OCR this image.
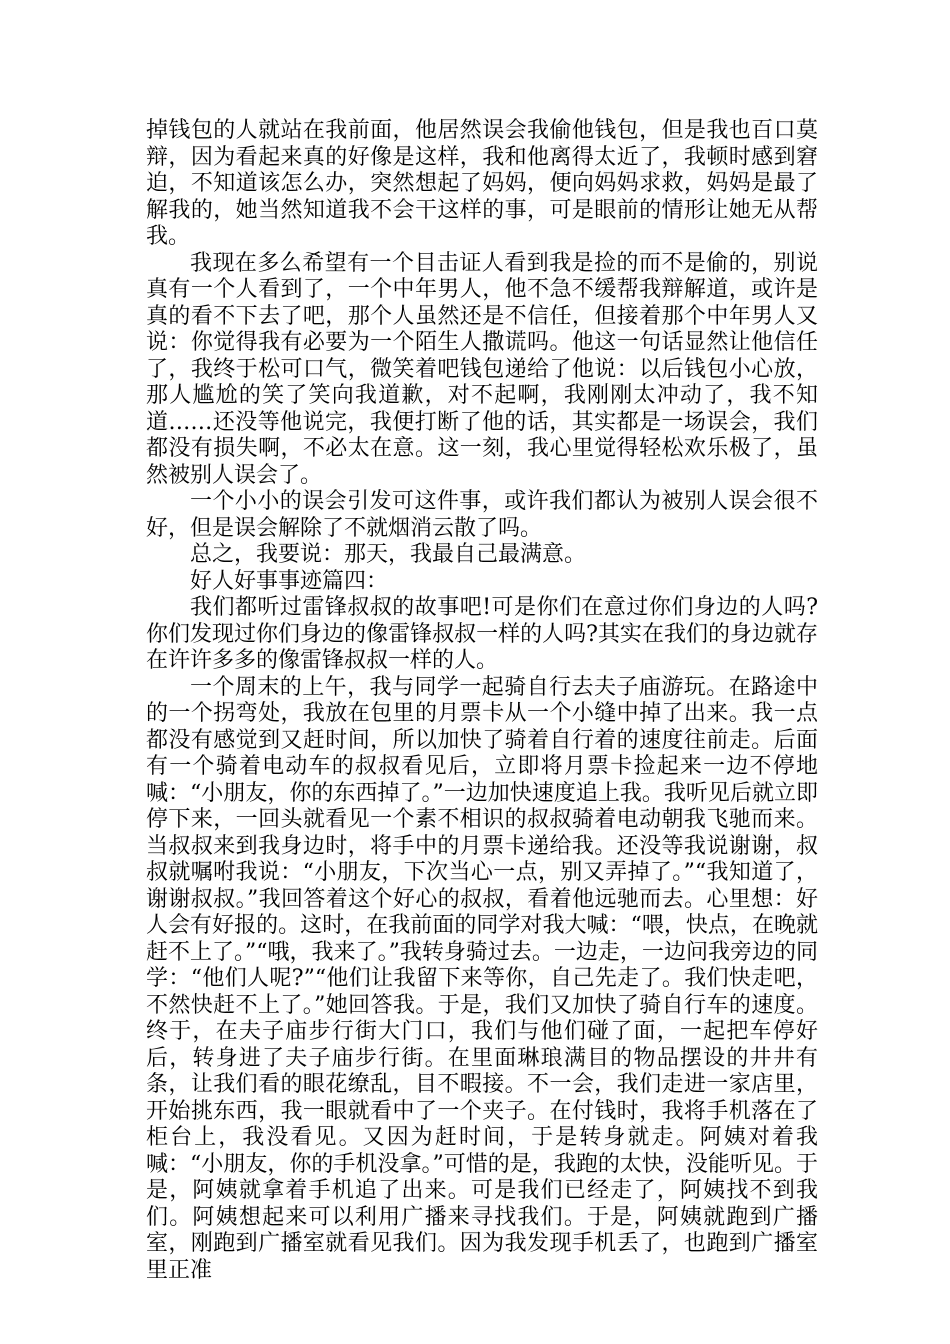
掉钱包的人就站在我前面，他居然误会我偷他钱包，但是我也百口莫辩，因为看起来真的好像是这样，我和他离得太近了，我顿时感到窘迫，不知道该怎么办，突然想起了妈妈，便向妈妈求救，妈妈是最了解我的，她当然知道我不会干这样的事，可是眼前的情形让她无从帮我。

我现在多么希望有一个目击证人看到我是捡的而不是偷的，别说真有一个人看到了，一个中年男人，他不急不缓帮我辩解道，或许是真的看不下去了吧，那个人虽然还是不信任，但接着那个中年男人又说：你觉得我有必要为一个陌生人撒谎吗。他这一句话显然让他信任了，我终于松可口气，微笑着吧钱包递给了他说：以后钱包小心放，那人尴尬的笑了笑向我道歉，对不起啊，我刚刚太冲动了，我不知道……还没等他说完，我便打断了他的话，其实都是一场误会，我们都没有损失啊，不必太在意。这一刻，我心里觉得轻松欢乐极了，虽然被别人误会了。

一个小小的误会引发可这件事，或许我们都认为被别人误会很不好，但是误会解除了不就烟消云散了吗。

总之，我要说：那天，我最自己最满意。

好人好事事迹篇四：

我们都听过雷锋叔叔的故事吧!可是你们在意过你们身边的人吗?你们发现过你们身边的像雷锋叔叔一样的人吗?其实在我们的身边就存在许许多多的像雷锋叔叔一样的人。

一个周末的上午，我与同学一起骑自行去夫子庙游玩。在路途中的一个拐弯处，我放在包里的月票卡从一个小缝中掉了出来。我一点都没有感觉到又赶时间，所以加快了骑着自行着的速度往前走。后面有一个骑着电动车的叔叔看见后，立即将月票卡捡起来一边不停地喊：“小朋友，你的东西掉了。”一边加快速度追上我。我听见后就立即停下来，一回头就看见一个素不相识的叔叔骑着电动朝我飞驰而来。当叔叔来到我身边时，将手中的月票卡递给我。还没等我说谢谢，叔叔就嘱咐我说：“小朋友，下次当心一点，别又弄掉了。”“我知道了，谢谢叔叔。”我回答着这个好心的叔叔，看着他远驰而去。心里想：好人会有好报的。这时，在我前面的同学对我大喊：“喂，快点，在晚就赶不上了。”“哦，我来了。”我转身骑过去。一边走，一边问我旁边的同学：“他们人呢?”“他们让我留下来等你，自己先走了。我们快走吧，不然快赶不上了。”她回答我。于是，我们又加快了骑自行车的速度。终于，在夫子庙步行街大门口，我们与他们碰了面，一起把车停好后，转身进了夫子庙步行街。在里面琳琅满目的物品摆设的井井有条，让我们看的眼花缭乱，目不暇接。不一会，我们走进一家店里，开始挑东西，我一眼就看中了一个夹子。在付钱时，我将手机落在了柜台上，我没看见。又因为赶时间，于是转身就走。阿姨对着我喊：“小朋友，你的手机没拿。”可惜的是，我跑的太快，没能听见。于是，阿姨就拿着手机追了出来。可是我们已经走了，阿姨找不到我们。阿姨想起来可以利用广播来寻找我们。于是，阿姨就跑到广播室，刚跑到广播室就看见我们。因为我发现手机丢了，也跑到广播室里正准
